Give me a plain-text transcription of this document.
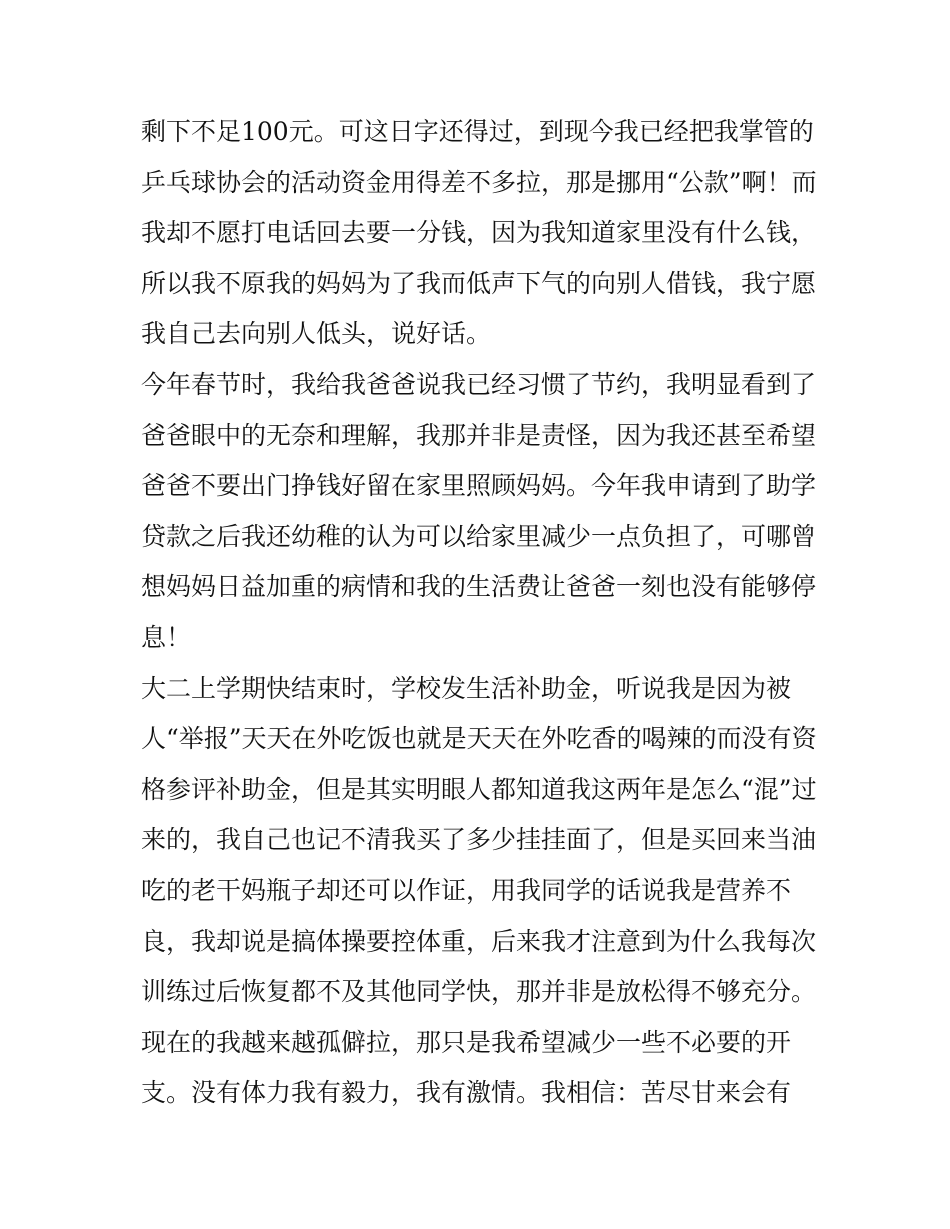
剩下不足100元。可这日字还得过，到现今我已经把我掌管的
乒乓球协会的活动资金用得差不多拉，那是挪用“公款”啊！而
我却不愿打电话回去要一分钱，因为我知道家里没有什么钱，
所以我不原我的妈妈为了我而低声下气的向别人借钱，我宁愿
我自己去向别人低头，说好话。
今年春节时，我给我爸爸说我已经习惯了节约，我明显看到了
爸爸眼中的无奈和理解，我那并非是责怪，因为我还甚至希望
爸爸不要出门挣钱好留在家里照顾妈妈。今年我申请到了助学
贷款之后我还幼稚的认为可以给家里减少一点负担了，可哪曾
想妈妈日益加重的病情和我的生活费让爸爸一刻也没有能够停
息！
大二上学期快结束时，学校发生活补助金，听说我是因为被
人“举报”天天在外吃饭也就是天天在外吃香的喝辣的而没有资
格参评补助金，但是其实明眼人都知道我这两年是怎么“混”过
来的，我自己也记不清我买了多少挂挂面了，但是买回来当油
吃的老干妈瓶子却还可以作证，用我同学的话说我是营养不
良，我却说是搞体操要控体重，后来我才注意到为什么我每次
训练过后恢复都不及其他同学快，那并非是放松得不够充分。
现在的我越来越孤僻拉，那只是我希望减少一些不必要的开
支。没有体力我有毅力，我有激情。我相信：苦尽甘来会有
